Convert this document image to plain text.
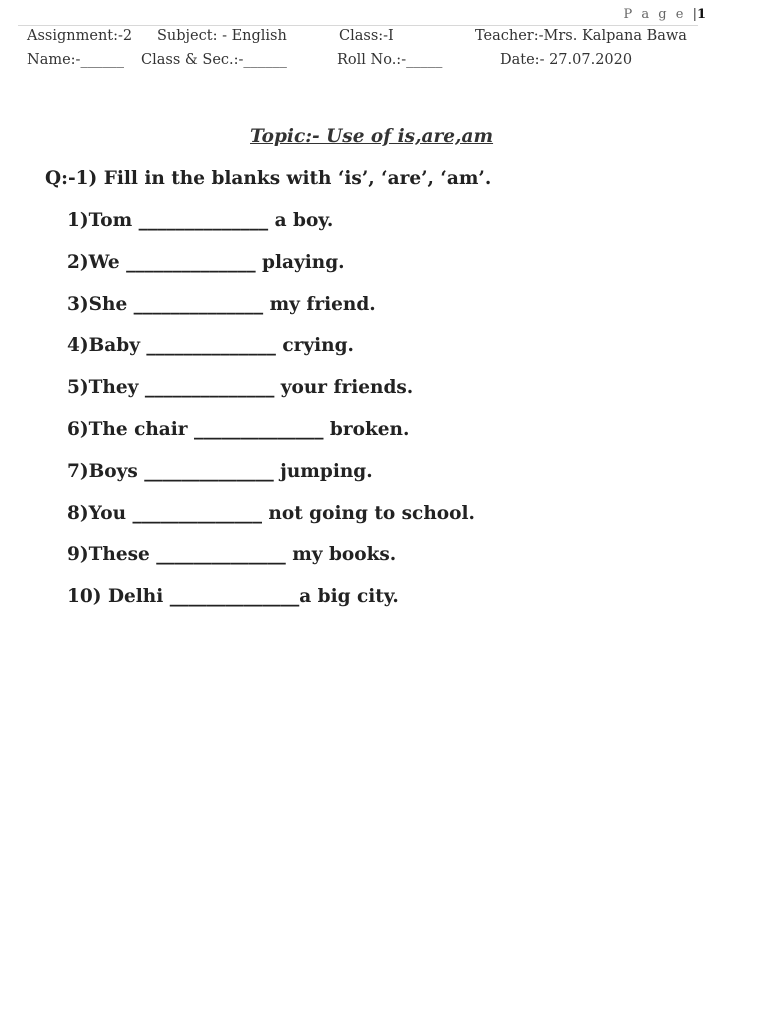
P a g e |1
Assignment:-2 Subject: - English	Class:-I	Teacher:-Mrs. Kalpana Bawa
Name:-______ Class & Sec.:-______	Roll No.:-_____	Date:- 27.07.2020
Topic:- Use of is,are,am
Q:-1) Fill in the blanks with ‘is’, ‘are’, ‘am’.
1)Tom ______________ a boy.
2)We ______________ playing.
3)She ______________ my friend.
4)Baby ______________ crying.
5)They ______________ your friends.
6)The chair ______________ broken.
7)Boys ______________ jumping.
8)You ______________ not going to school.
9)These ______________ my books.
10) Delhi ______________a big city.
